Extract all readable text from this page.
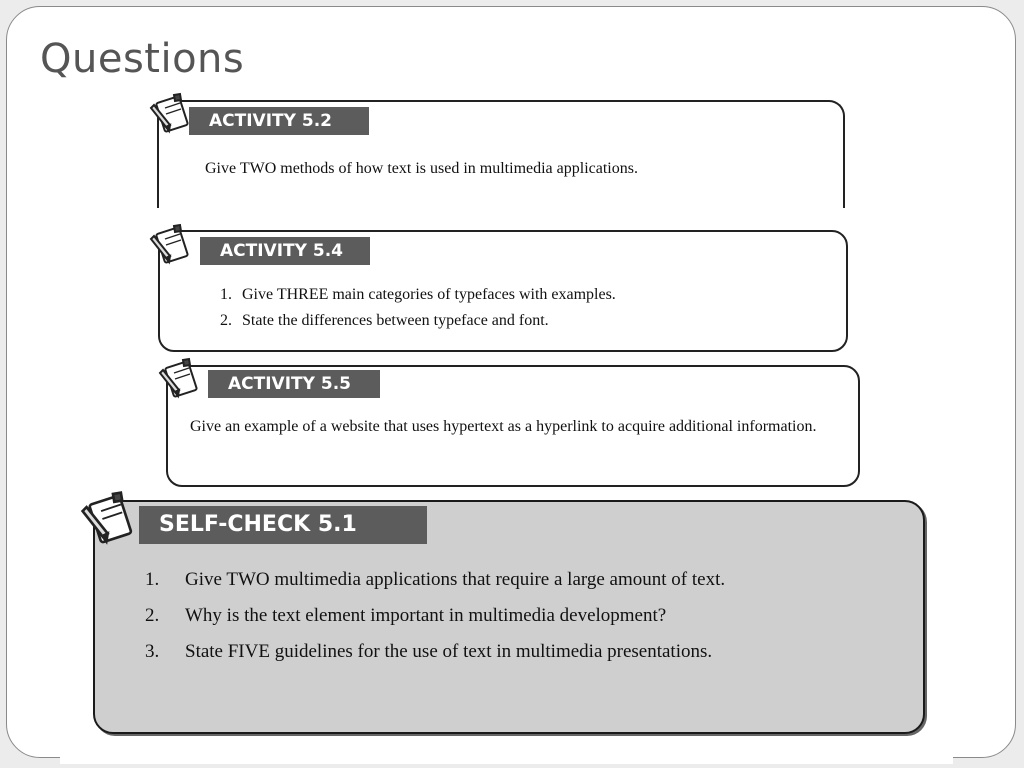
Questions
ACTIVITY 5.2
Give TWO methods of how text is used in multimedia applications.
ACTIVITY 5.4
1. Give THREE main categories of typefaces with examples.
2. State the differences between typeface and font.
ACTIVITY 5.5
Give an example of a website that uses hypertext as a hyperlink to acquire additional information.
SELF-CHECK 5.1
1. Give TWO multimedia applications that require a large amount of text.
2. Why is the text element important in multimedia development?
3. State FIVE guidelines for the use of text in multimedia presentations.
